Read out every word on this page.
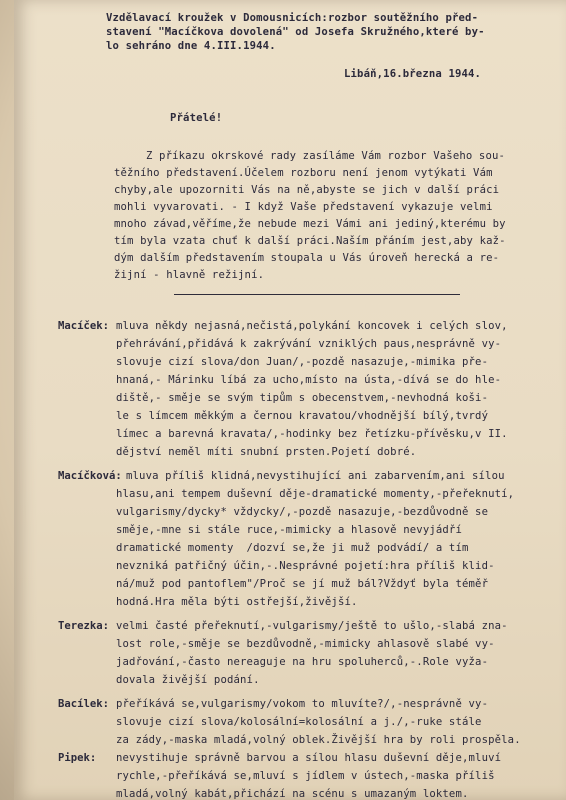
Vzdělavací kroužek v Domousnicích:rozbor soutěžního před-
stavení "Macíčkova dovolená" od Josefa Skružného,které by-
lo sehráno dne 4.III.1944.
Libáň,16.března 1944.
Přátelé!
Z příkazu okrskové rady zasíláme Vám rozbor Vašeho sou-
těžního představení.Účelem rozboru není jenom vytýkati Vám
chyby,ale upozorniti Vás na ně,abyste se jich v další práci
mohli vyvarovati. - I když Vaše představení vykazuje velmi
mnoho závad,věříme,že nebude mezi Vámi ani jediný,kterému by
tím byla vzata chuť k další práci.Naším přáním jest,aby kaž-
dým dalším představením stoupala u Vás úroveň herecká a re-
žijní - hlavně režijní.
Macíček: mluva někdy nejasná,nečistá,polykání koncovek i celých slov,
přehrávání,přidává k zakrývání vzniklých paus,nesprávně vy-
slovuje cizí slova/don Juan/,-pozdě nasazuje,-mimika pře-
hnaná,- Márinku líbá za ucho,místo na ústa,-dívá se do hle-
diště,- směje se svým tipům s obecenstvem,-nevhodná koši-
le s límcem měkkým a černou kravatou/vhodnější bílý,tvrdý
límec a barevná kravata/,-hodinky bez řetízku-přívěsku,v II.
dějství neměl míti snubní prsten.Pojetí dobré.
Macíčková: mluva příliš klidná,nevystihující ani zabarvením,ani sílou
hlasu,ani tempem duševní děje-dramatické momenty,-přeřeknutí,
vulgarismy/dycky* vždycky/,-pozdě nasazuje,-bezdůvodně se
směje,-mne si stále ruce,-mimicky a hlasově nevyjádří
dramatické momenty  /dozví se,že ji muž podvádí/ a tím
nevzniká patřičný účin,-.Nesprávné pojetí:hra příliš klid-
ná/muž pod pantoflem"/Proč se jí muž bál?Vždyť byla téměř
hodná.Hra měla býti ostřejší,živější.
Terezka: velmi časté přeřeknutí,-vulgarismy/ještě to ušlo,-slabá zna-
lost role,-směje se bezdůvodně,-mimicky ahlasově slabé vy-
jadřování,-často nereaguje na hru spoluherců,-.Role vyža-
dovala živější podání.
Bacílek: přeříkává se,vulgarismy/vokom to mluvíte?/,-nesprávně vy-
slovuje cizí slova/kolosální=kolosální a j./,-ruke stále
za zády,-maska mladá,volný oblek.Živější hra by roli prospěla.
Pipek: nevystihuje správně barvou a sílou hlasu duševní děje,mluví
rychle,-přeříkává se,mluví s jídlem v ústech,-maska příliš
mladá,volný kabát,přichází na scénu s umazaným loktem.
